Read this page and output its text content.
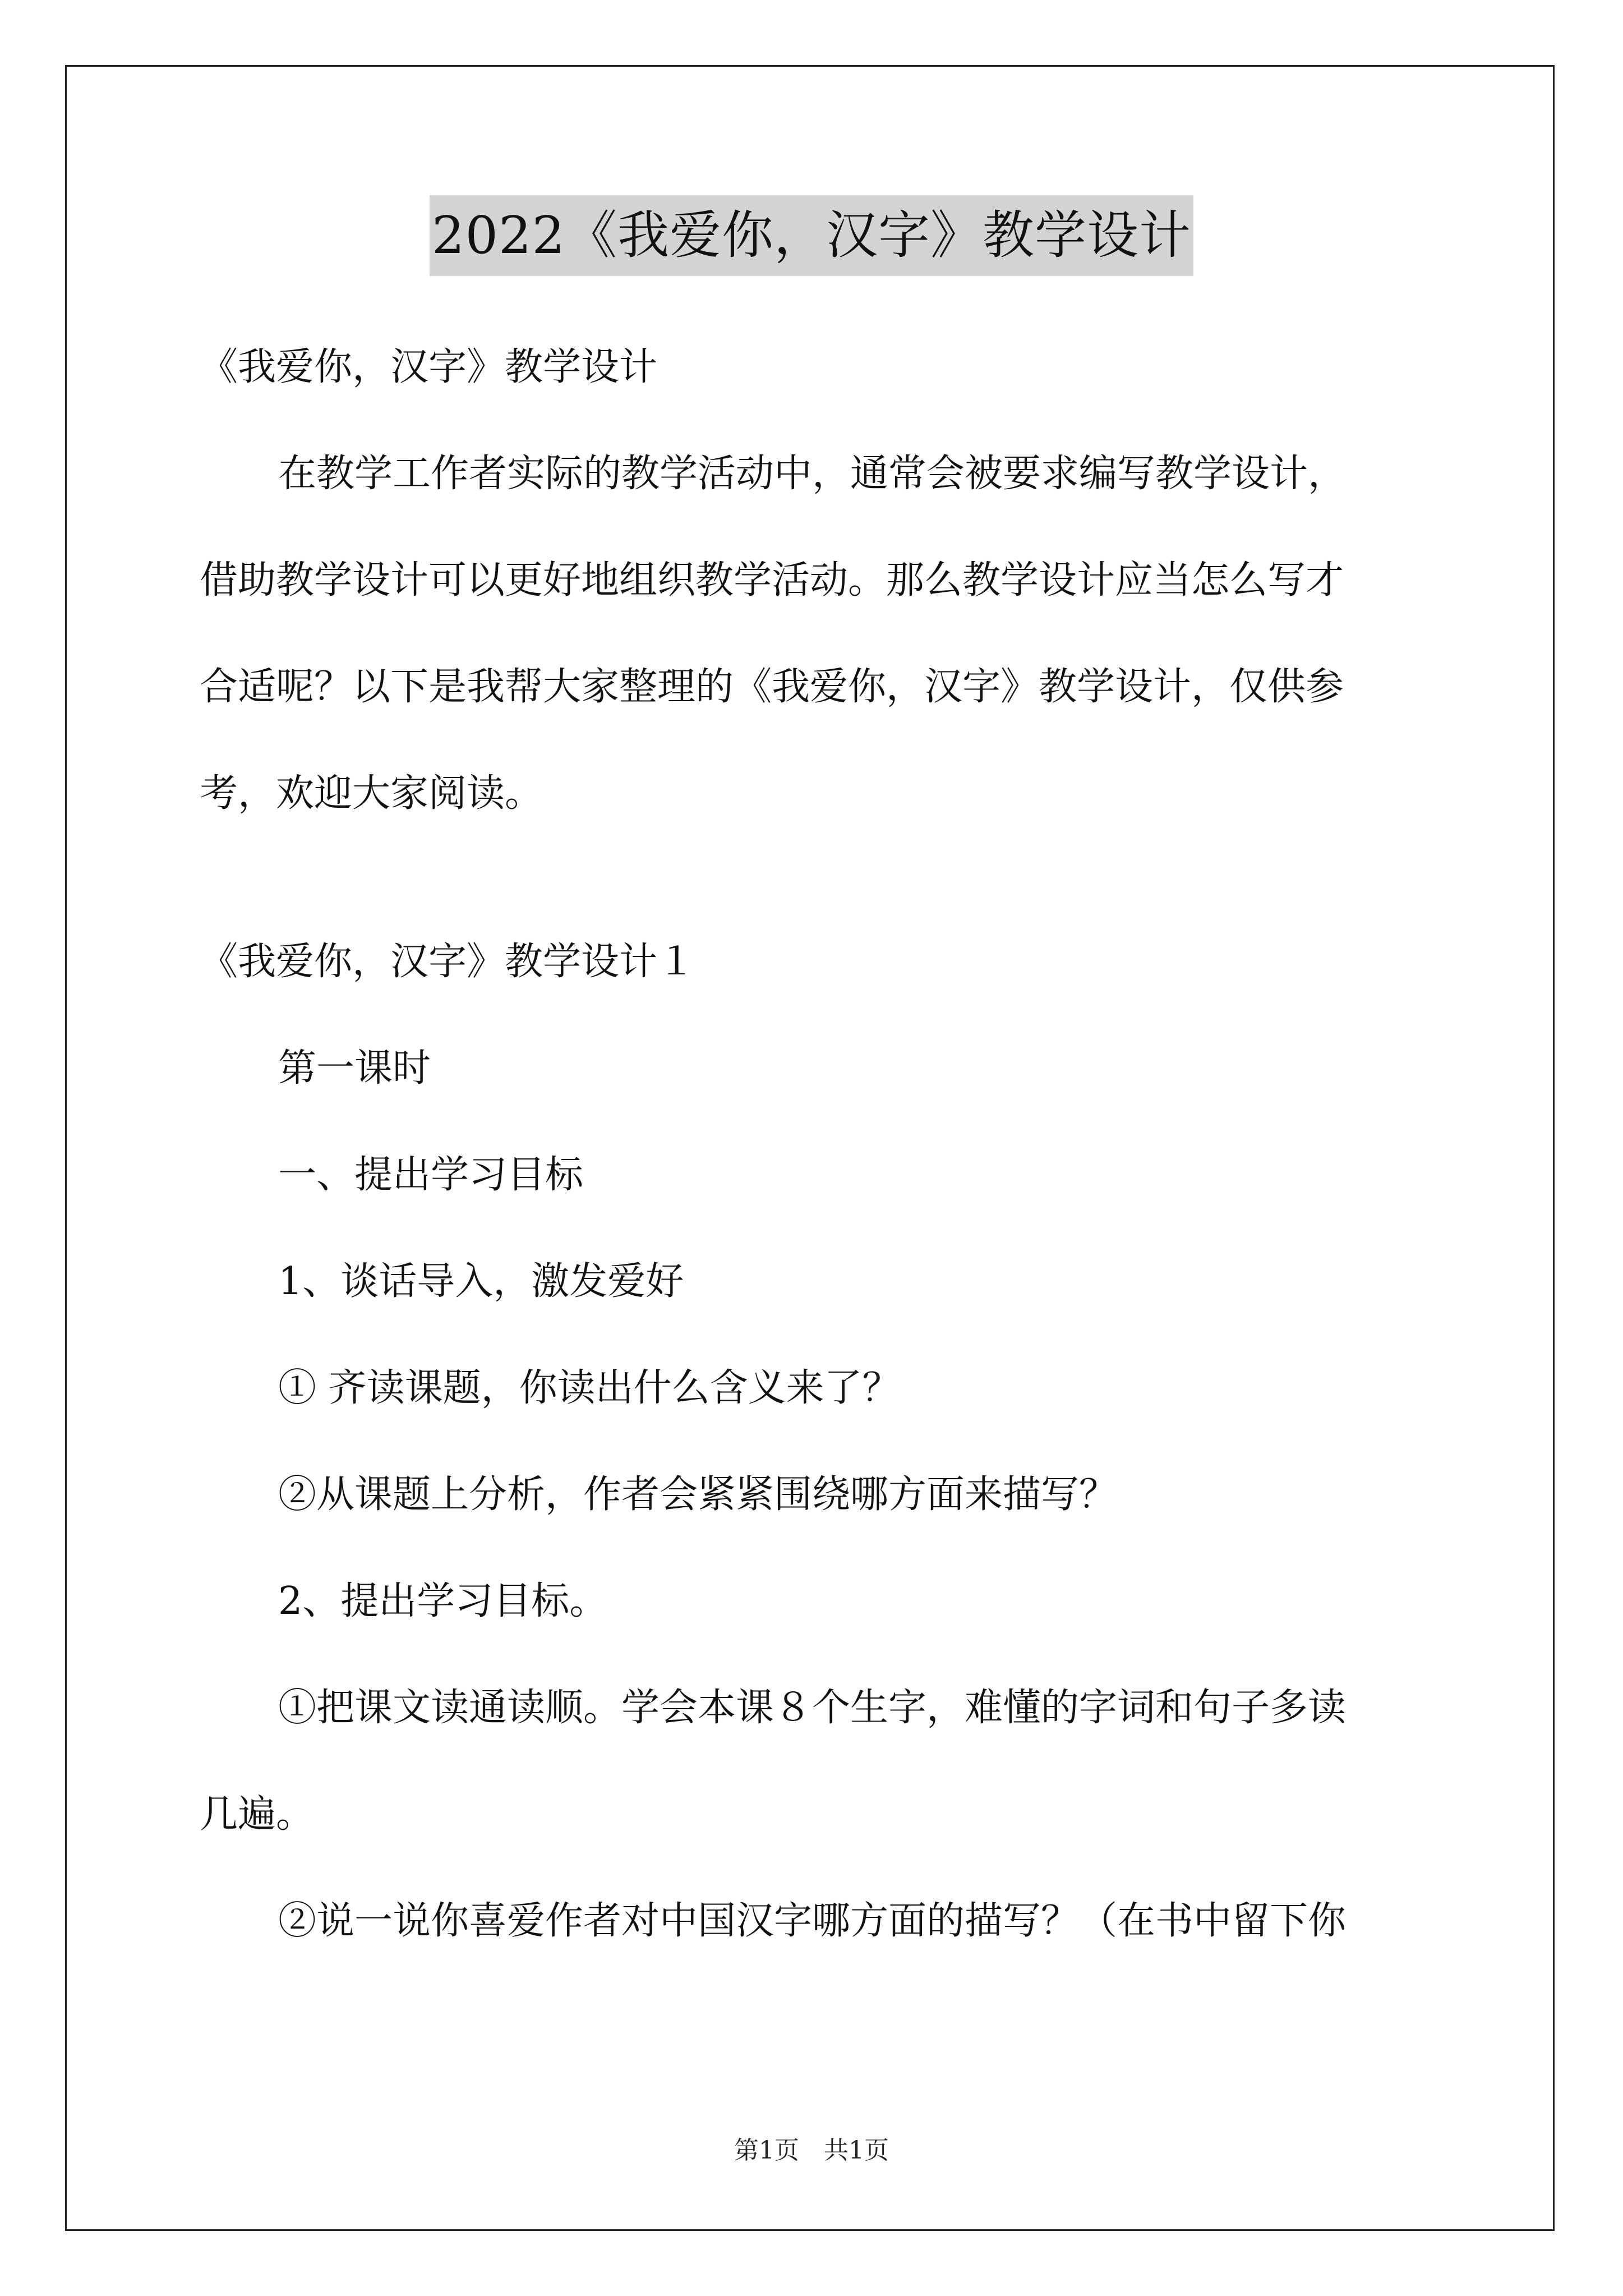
2022《我爱你，汉字》教学设计

《我爱你，汉字》教学设计

在教学工作者实际的教学活动中，通常会被要求编写教学设计，

借助教学设计可以更好地组织教学活动。那么教学设计应当怎么写才

合适呢？以下是我帮大家整理的《我爱你，汉字》教学设计，仅供参

考，欢迎大家阅读。

《我爱你，汉字》教学设计１

第一课时

一、提出学习目标

1、谈话导入，激发爱好

① 齐读课题，你读出什么含义来了？

②从课题上分析，作者会紧紧围绕哪方面来描写？

2、提出学习目标。

①把课文读通读顺。学会本课８个生字，难懂的字词和句子多读

几遍。

②说一说你喜爱作者对中国汉字哪方面的描写？（在书中留下你

第1页　共1页
